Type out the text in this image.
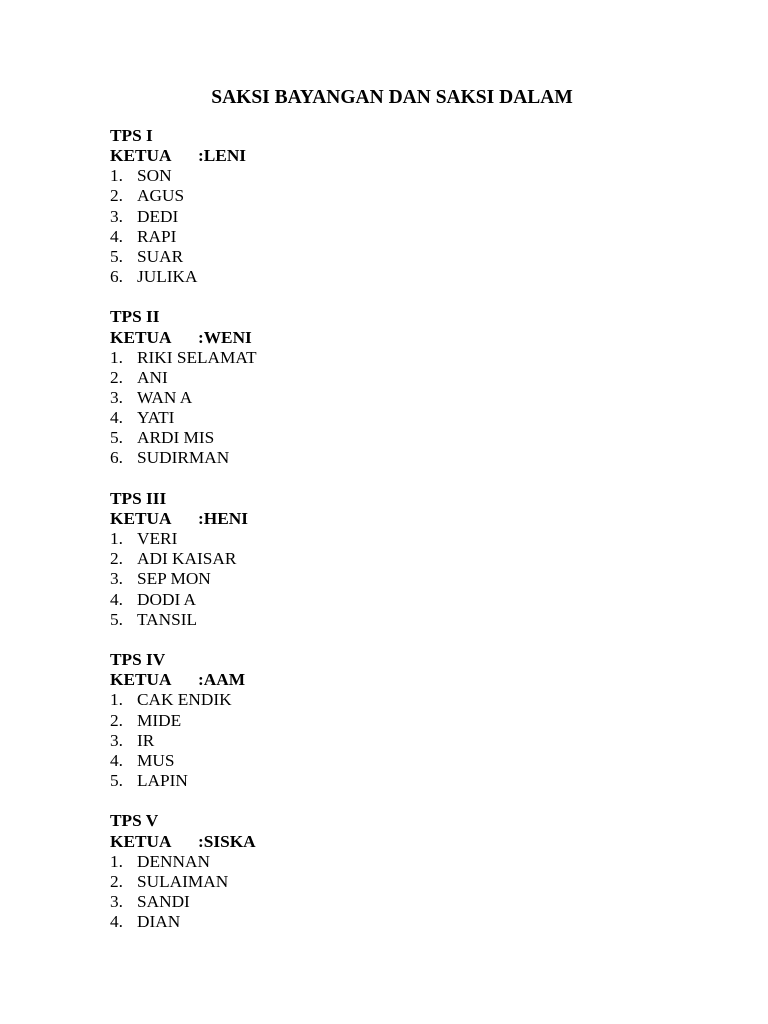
SAKSI BAYANGAN DAN SAKSI DALAM
TPS I
KETUA :LENI
1. SON
2. AGUS
3. DEDI
4. RAPI
5. SUAR
6. JULIKA
TPS II
KETUA :WENI
1. RIKI SELAMAT
2. ANI
3. WAN A
4. YATI
5. ARDI MIS
6. SUDIRMAN
TPS III
KETUA :HENI
1. VERI
2. ADI KAISAR
3. SEP MON
4. DODI A
5. TANSIL
TPS IV
KETUA :AAM
1. CAK ENDIK
2. MIDE
3. IR
4. MUS
5. LAPIN
TPS V
KETUA :SISKA
1. DENNAN
2. SULAIMAN
3. SANDI
4. DIAN
